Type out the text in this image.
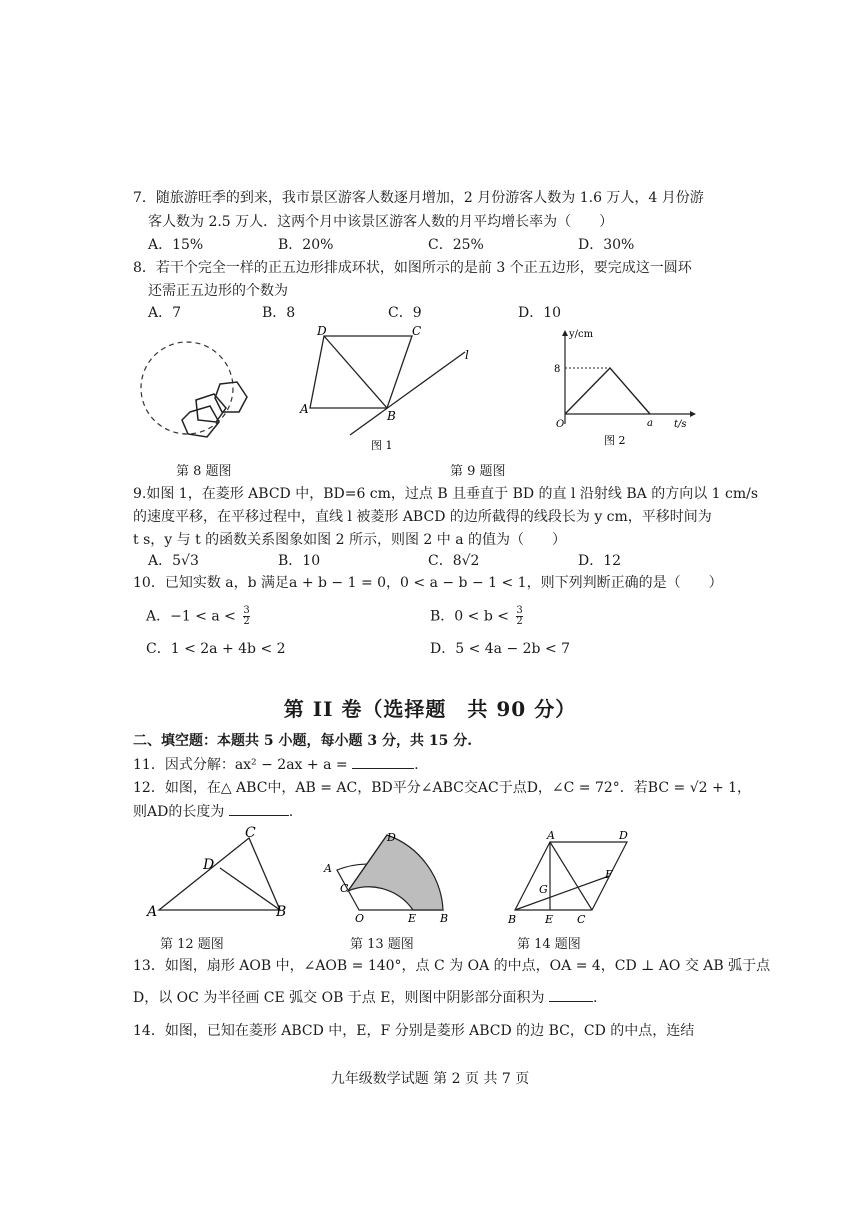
7．随旅游旺季的到来，我市景区游客人数逐月增加，2 月份游客人数为 1.6 万人，4 月份游
客人数为 2.5 万人．这两个月中该景区游客人数的月平均增长率为（　　）
A．15%	B．20%	C．25%	D．30%
8．若干个完全一样的正五边形排成环状，如图所示的是前 3 个正五边形，要完成这一圆环
还需正五边形的个数为
A．7	B．8	C．9	D．10
D	C
A	B
l
图 1
y/cm
8
O	a t/s
图 2
第 8 题图	第 9 题图
9.如图 1，在菱形 ABCD 中，BD=6 cm，过点 B 且垂直于 BD 的直 l 沿射线 BA 的方向以 1 cm/s
的速度平移，在平移过程中，直线 l 被菱形 ABCD 的边所截得的线段长为 y cm，平移时间为
t s，y 与 t 的函数关系图象如图 2 所示，则图 2 中 a 的值为（　　）
A．5√3	B．10	C．8√2	D．12
10．已知实数 a，b 满足a + b − 1 = 0，0 < a − b − 1 < 1，则下列判断正确的是（　　）
A．$-1 < a < \frac{3}{2}$	B．$0 < b < \frac{3}{2}$
C．1 < 2a + 4b < 2	D．5 < 4a − 2b < 7
第 II 卷（选择题　共 90 分）
二、填空题：本题共 5 小题，每小题 3 分，共 15 分.
11．因式分解：ax² − 2ax + a =	.
12．如图，在△ ABC中，AB = AC，BD平分∠ABC交AC于点D，∠C = 72°．若BC = √2 + 1，
则AD的长度为	.
C
D
A	B
第 12 题图
A
D
C
O	E B
第 13 题图
A	D
F
G
B	E C
第 14 题图
13．如图，扇形 AOB 中，∠AOB = 140°，点 C 为 OA 的中点，OA = 4，CD ⊥ AO 交 AB 弧于点
D，以 OC 为半径画 CE 弧交 OB 于点 E，则图中阴影部分面积为	.
14．如图，已知在菱形 ABCD 中，E，F 分别是菱形 ABCD 的边 BC，CD 的中点，连结
九年级数学试题 第 2 页 共 7 页
